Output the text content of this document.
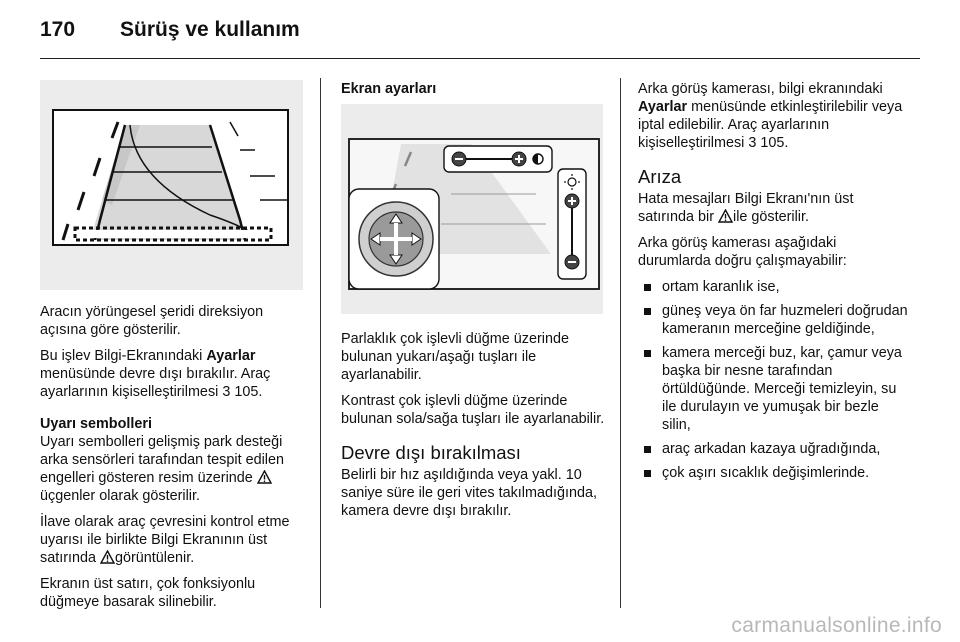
170 Sürüş ve kullanım

Aracın yörüngesel şeridi direksiyon açısına göre gösterilir.

Bu işlev Bilgi-Ekranındaki Ayarlar menüsünde devre dışı bırakılır. Araç ayarlarının kişiselleştirilmesi 3 105.

Uyarı sembolleri

Uyarı sembolleri gelişmiş park desteği arka sensörleri tarafından tespit edilen engelleri gösteren resim üzerinde üçgenler olarak gösterilir.

İlave olarak araç çevresini kontrol etme uyarısı ile birlikte Bilgi Ekranının üst satırında görüntülenir.

Ekranın üst satırı, çok fonksiyonlu düğmeye basarak silinebilir.

Ekran ayarları

Parlaklık çok işlevli düğme üzerinde bulunan yukarı/aşağı tuşları ile ayarlanabilir.

Kontrast çok işlevli düğme üzerinde bulunan sola/sağa tuşları ile ayarlanabilir.

Devre dışı bırakılması

Belirli bir hız aşıldığında veya yakl. 10 saniye süre ile geri vites takılmadığında, kamera devre dışı bırakılır.

Arka görüş kamerası, bilgi ekranındaki Ayarlar menüsünde etkinleştirilebilir veya iptal edilebilir. Araç ayarlarının kişiselleştirilmesi 3 105.

Arıza

Hata mesajları Bilgi Ekranı'nın üst satırında bir ile gösterilir.

Arka görüş kamerası aşağıdaki durumlarda doğru çalışmayabilir:

ortam karanlık ise,
güneş veya ön far huzmeleri doğrudan kameranın merceğine geldiğinde,
kamera merceği buz, kar, çamur veya başka bir nesne tarafından örtüldüğünde. Merceği temizleyin, su ile durulayın ve yumuşak bir bezle silin,
araç arkadan kazaya uğradığında,
çok aşırı sıcaklık değişimlerinde.
carmanualsonline.info
